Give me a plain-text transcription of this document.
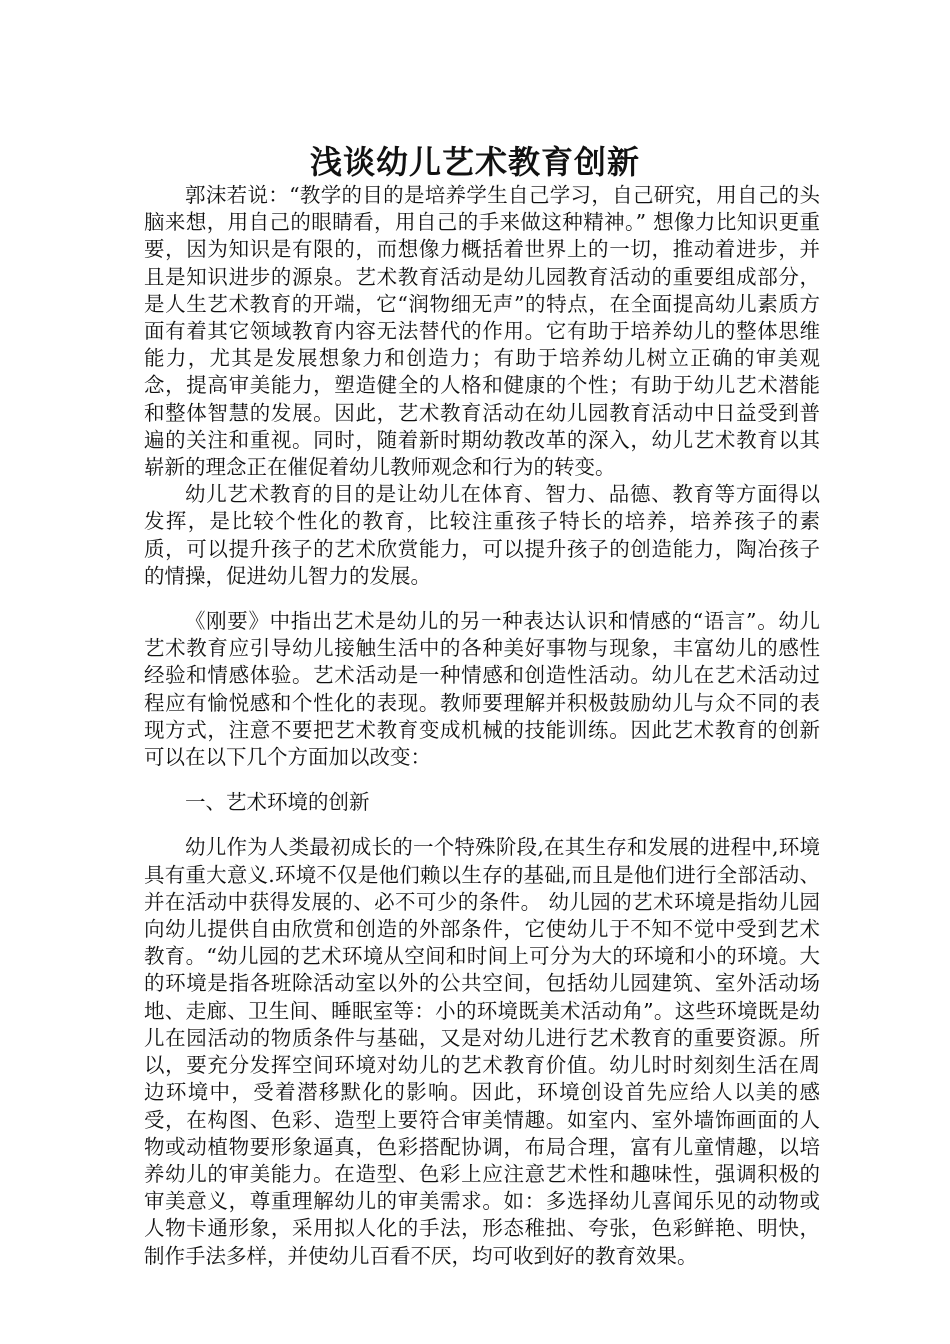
浅谈幼儿艺术教育创新

郭沫若说：“教学的目的是培养学生自己学习，自己研究，用自己的头脑来想，用自己的眼睛看，用自己的手来做这种精神。” 想像力比知识更重要，因为知识是有限的，而想像力概括着世界上的一切，推动着进步，并且是知识进步的源泉。艺术教育活动是幼儿园教育活动的重要组成部分，是人生艺术教育的开端，它“润物细无声”的特点，在全面提高幼儿素质方面有着其它领域教育内容无法替代的作用。它有助于培养幼儿的整体思维能力，尤其是发展想象力和创造力；有助于培养幼儿树立正确的审美观念，提高审美能力，塑造健全的人格和健康的个性；有助于幼儿艺术潜能和整体智慧的发展。因此，艺术教育活动在幼儿园教育活动中日益受到普遍的关注和重视。同时，随着新时期幼教改革的深入，幼儿艺术教育以其崭新的理念正在催促着幼儿教师观念和行为的转变。

幼儿艺术教育的目的是让幼儿在体育、智力、品德、教育等方面得以发挥，是比较个性化的教育，比较注重孩子特长的培养，培养孩子的素质，可以提升孩子的艺术欣赏能力，可以提升孩子的创造能力，陶冶孩子的情操，促进幼儿智力的发展。

《刚要》中指出艺术是幼儿的另一种表达认识和情感的“语言”。幼儿艺术教育应引导幼儿接触生活中的各种美好事物与现象，丰富幼儿的感性经验和情感体验。艺术活动是一种情感和创造性活动。幼儿在艺术活动过程应有愉悦感和个性化的表现。教师要理解并积极鼓励幼儿与众不同的表现方式，注意不要把艺术教育变成机械的技能训练。因此艺术教育的创新可以在以下几个方面加以改变：

一、艺术环境的创新

幼儿作为人类最初成长的一个特殊阶段,在其生存和发展的进程中,环境具有重大意义.环境不仅是他们赖以生存的基础,而且是他们进行全部活动、并在活动中获得发展的、必不可少的条件。 幼儿园的艺术环境是指幼儿园向幼儿提供自由欣赏和创造的外部条件，它使幼儿于不知不觉中受到艺术教育。“幼儿园的艺术环境从空间和时间上可分为大的环境和小的环境。大的环境是指各班除活动室以外的公共空间，包括幼儿园建筑、室外活动场地、走廊、卫生间、睡眠室等：小的环境既美术活动角”。这些环境既是幼儿在园活动的物质条件与基础，又是对幼儿进行艺术教育的重要资源。所以，要充分发挥空间环境对幼儿的艺术教育价值。幼儿时时刻刻生活在周边环境中，受着潜移默化的影响。因此，环境创设首先应给人以美的感受，在构图、色彩、造型上要符合审美情趣。如室内、室外墙饰画面的人物或动植物要形象逼真，色彩搭配协调，布局合理，富有儿童情趣，以培养幼儿的审美能力。在造型、色彩上应注意艺术性和趣味性，强调积极的审美意义，尊重理解幼儿的审美需求。如：多选择幼儿喜闻乐见的动物或人物卡通形象，采用拟人化的手法，形态稚拙、夸张，色彩鲜艳、明快，制作手法多样，并使幼儿百看不厌，均可收到好的教育效果。
